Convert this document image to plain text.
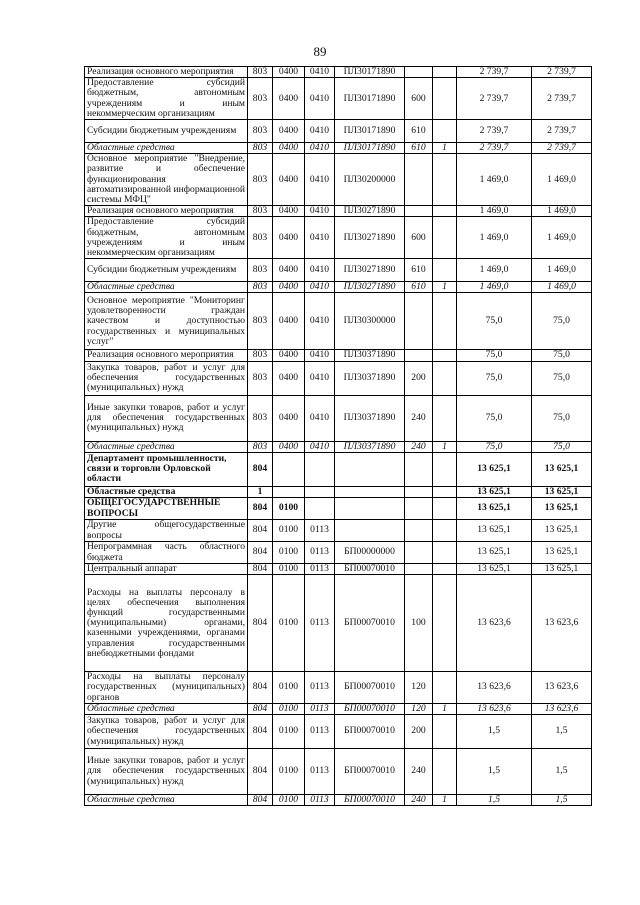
89
Реализация основного мероприятия	803	0400	0410	ПЛ30171890			2 739,7	2 739,7
Предоставление субсидий бюджетным, автономным учреждениям и иным некоммерческим организациям	803	0400	0410	ПЛ30171890	600		2 739,7	2 739,7
Субсидии бюджетным учреждениям	803	0400	0410	ПЛ30171890	610		2 739,7	2 739,7
Областные средства	803	0400	0410	ПЛ30171890	610	1	2 739,7	2 739,7
Основное мероприятие "Внедрение, развитие и обеспечение функционирования автоматизированной информационной системы МФЦ"	803	0400	0410	ПЛ30200000			1 469,0	1 469,0
Реализация основного мероприятия	803	0400	0410	ПЛ30271890			1 469,0	1 469,0
Предоставление субсидий бюджетным, автономным учреждениям и иным некоммерческим организациям	803	0400	0410	ПЛ30271890	600		1 469,0	1 469,0
Субсидии бюджетным учреждениям	803	0400	0410	ПЛ30271890	610		1 469,0	1 469,0
Областные средства	803	0400	0410	ПЛ30271890	610	1	1 469,0	1 469,0
Основное мероприятие "Мониторинг удовлетворенности граждан качеством и доступностью государственных и муниципальных услуг"	803	0400	0410	ПЛ30300000			75,0	75,0
Реализация основного мероприятия	803	0400	0410	ПЛ30371890			75,0	75,0
Закупка товаров, работ и услуг для обеспечения государственных (муниципальных) нужд	803	0400	0410	ПЛ30371890	200		75,0	75,0
Иные закупки товаров, работ и услуг для обеспечения государственных (муниципальных) нужд	803	0400	0410	ПЛ30371890	240		75,0	75,0
Областные средства	803	0400	0410	ПЛ30371890	240	1	75,0	75,0
Департамент промышленности, связи и торговли Орловской области	804						13 625,1	13 625,1
Областные средства	1						13 625,1	13 625,1
ОБЩЕГОСУДАРСТВЕННЫЕ ВОПРОСЫ	804	0100					13 625,1	13 625,1
Другие общегосударственные вопросы	804	0100	0113				13 625,1	13 625,1
Непрограммная часть областного бюджета	804	0100	0113	БП00000000			13 625,1	13 625,1
Центральный аппарат	804	0100	0113	БП00070010			13 625,1	13 625,1
Расходы на выплаты персоналу в целях обеспечения выполнения функций государственными (муниципальными) органами, казенными учреждениями, органами управления государственными внебюджетными фондами	804	0100	0113	БП00070010	100		13 623,6	13 623,6
Расходы на выплаты персоналу государственных (муниципальных) органов	804	0100	0113	БП00070010	120		13 623,6	13 623,6
Областные средства	804	0100	0113	БП00070010	120	1	13 623,6	13 623,6
Закупка товаров, работ и услуг для обеспечения государственных (муниципальных) нужд	804	0100	0113	БП00070010	200		1,5	1,5
Иные закупки товаров, работ и услуг для обеспечения государственных (муниципальных) нужд	804	0100	0113	БП00070010	240		1,5	1,5
Областные средства	804	0100	0113	БП00070010	240	1	1,5	1,5
